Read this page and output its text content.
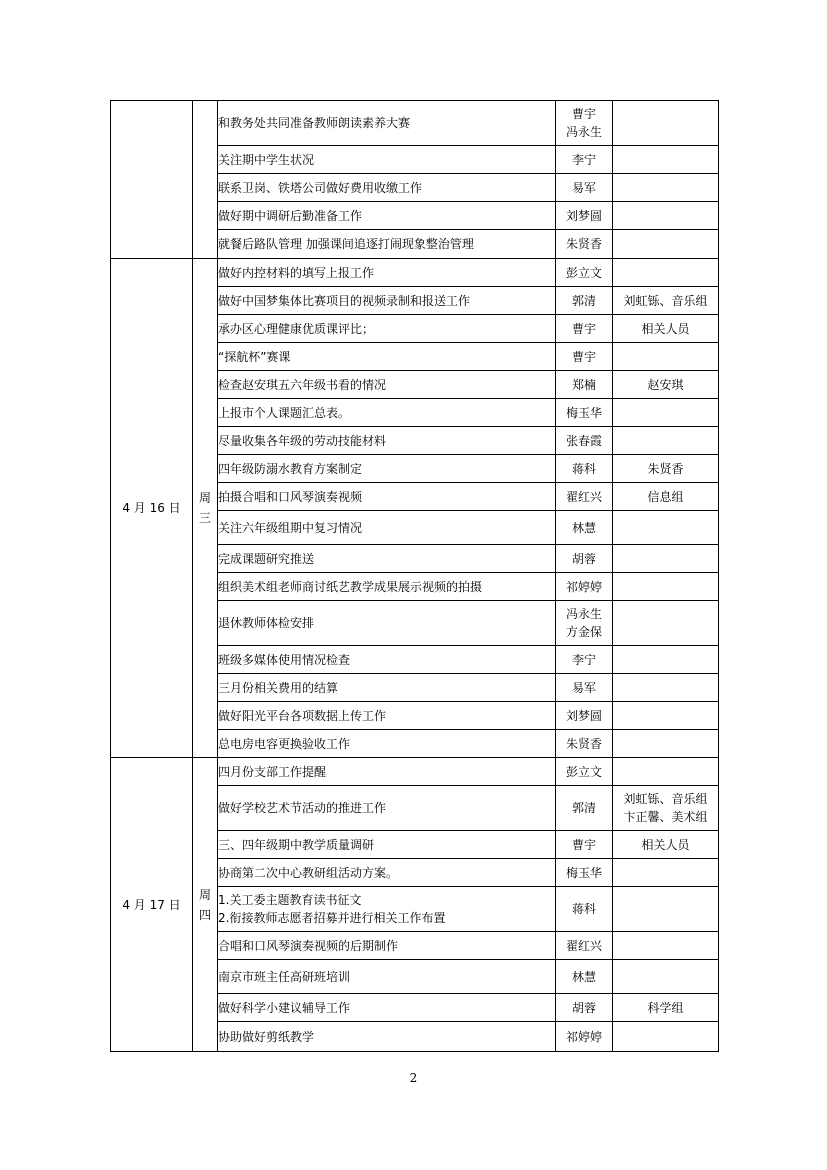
		和教务处共同准备教师朗读素养大赛	曹宇
冯永生	

		关注期中学生状况	李宁	

		联系卫岗、铁塔公司做好费用收缴工作	易军	

		做好期中调研后勤准备工作	刘梦圆	

		就餐后路队管理 加强课间追逐打闹现象整治管理	朱贤香	

4 月 16 日	周三	做好内控材料的填写上报工作	彭立文	

		做好中国梦集体比赛项目的视频录制和报送工作	郭清	刘虹铄、音乐组

		承办区心理健康优质课评比；	曹宇	相关人员

		“探航杯”赛课	曹宇	

		检查赵安琪五六年级书看的情况	郑楠	赵安琪

		上报市个人课题汇总表。	梅玉华	

		尽量收集各年级的劳动技能材料	张春霞	

		四年级防溺水教育方案制定	蒋科	朱贤香

		拍摄合唱和口风琴演奏视频	翟红兴	信息组

		关注六年级组期中复习情况	林慧	

		完成课题研究推送	胡蓉	

		组织美术组老师商讨纸艺教学成果展示视频的拍摄	祁婷婷	

		退休教师体检安排	冯永生
方金保	

		班级多媒体使用情况检查	李宁	

		三月份相关费用的结算	易军	

		做好阳光平台各项数据上传工作	刘梦圆	

		总电房电容更换验收工作	朱贤香	

4 月 17 日	周四	四月份支部工作提醒	彭立文	

		做好学校艺术节活动的推进工作	郭清	刘虹铄、音乐组
卞正馨、美术组

		三、四年级期中教学质量调研	曹宇	相关人员

		协商第二次中心教研组活动方案。	梅玉华	

		1.关工委主题教育读书征文
2.衔接教师志愿者招募并进行相关工作布置	蒋科	

		合唱和口风琴演奏视频的后期制作	翟红兴	

		南京市班主任高研班培训	林慧	

		做好科学小建议辅导工作	胡蓉	科学组

		协助做好剪纸教学	祁婷婷	

2
